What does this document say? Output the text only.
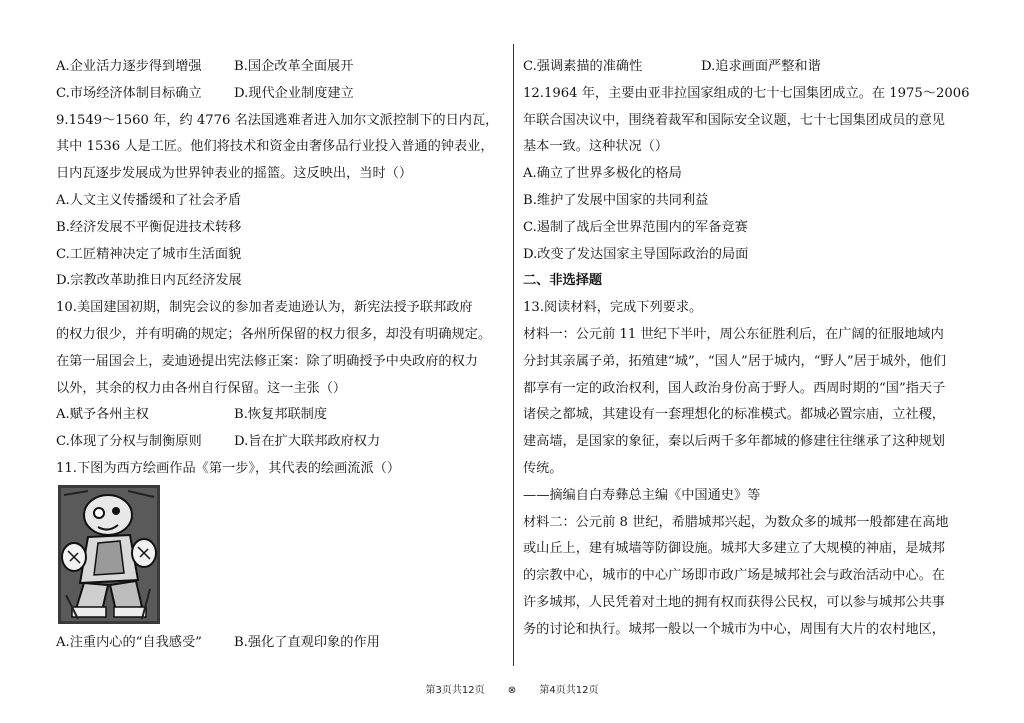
A.企业活力逐步得到增强	B.国企改革全面展开
C.市场经济体制目标确立	D.现代企业制度建立
9.1549～1560 年，约 4776 名法国逃难者进入加尔文派控制下的日内瓦，
其中 1536 人是工匠。他们将技术和资金由奢侈品行业投入普通的钟表业，
日内瓦逐步发展成为世界钟表业的摇篮。这反映出，当时（）
A.人文主义传播缓和了社会矛盾
B.经济发展不平衡促进技术转移
C.工匠精神决定了城市生活面貌
D.宗教改革助推日内瓦经济发展
10.美国建国初期，制宪会议的参加者麦迪逊认为，新宪法授予联邦政府
的权力很少，并有明确的规定；各州所保留的权力很多，却没有明确规定。
在第一届国会上，麦迪逊提出宪法修正案：除了明确授予中央政府的权力
以外，其余的权力由各州自行保留。这一主张（）
A.赋予各州主权	B.恢复邦联制度
C.体现了分权与制衡原则	D.旨在扩大联邦政府权力
11.下图为西方绘画作品《第一步》，其代表的绘画流派（）
A.注重内心的“自我感受”	B.强化了直观印象的作用
C.强调素描的准确性	D.追求画面严整和谐
12.1964 年，主要由亚非拉国家组成的七十七国集团成立。在 1975～2006
年联合国决议中，围绕着裁军和国际安全议题，七十七国集团成员的意见
基本一致。这种状况（）
A.确立了世界多极化的格局
B.维护了发展中国家的共同利益
C.遏制了战后全世界范围内的军备竞赛
D.改变了发达国家主导国际政治的局面
二、非选择题
13.阅读材料，完成下列要求。
材料一：公元前 11 世纪下半叶，周公东征胜利后，在广阔的征服地域内
分封其亲属子弟，拓殖建“城”，“国人”居于城内，“野人”居于城外，他们
都享有一定的政治权利，国人政治身份高于野人。西周时期的“国”指天子
诸侯之都城，其建设有一套理想化的标准模式。都城必置宗庙，立社稷，
建高墙，是国家的象征，秦以后两千多年都城的修建往往继承了这种规划
传统。
——摘编自白寿彝总主编《中国通史》等
材料二：公元前 8 世纪，希腊城邦兴起，为数众多的城邦一般都建在高地
或山丘上，建有城墙等防御设施。城邦大多建立了大规模的神庙，是城邦
的宗教中心，城市的中心广场即市政广场是城邦社会与政治活动中心。在
许多城邦，人民凭着对土地的拥有权而获得公民权，可以参与城邦公共事
务的讨论和执行。城邦一般以一个城市为中心，周围有大片的农村地区，
第3页共12页 ⊗ 第4页共12页
